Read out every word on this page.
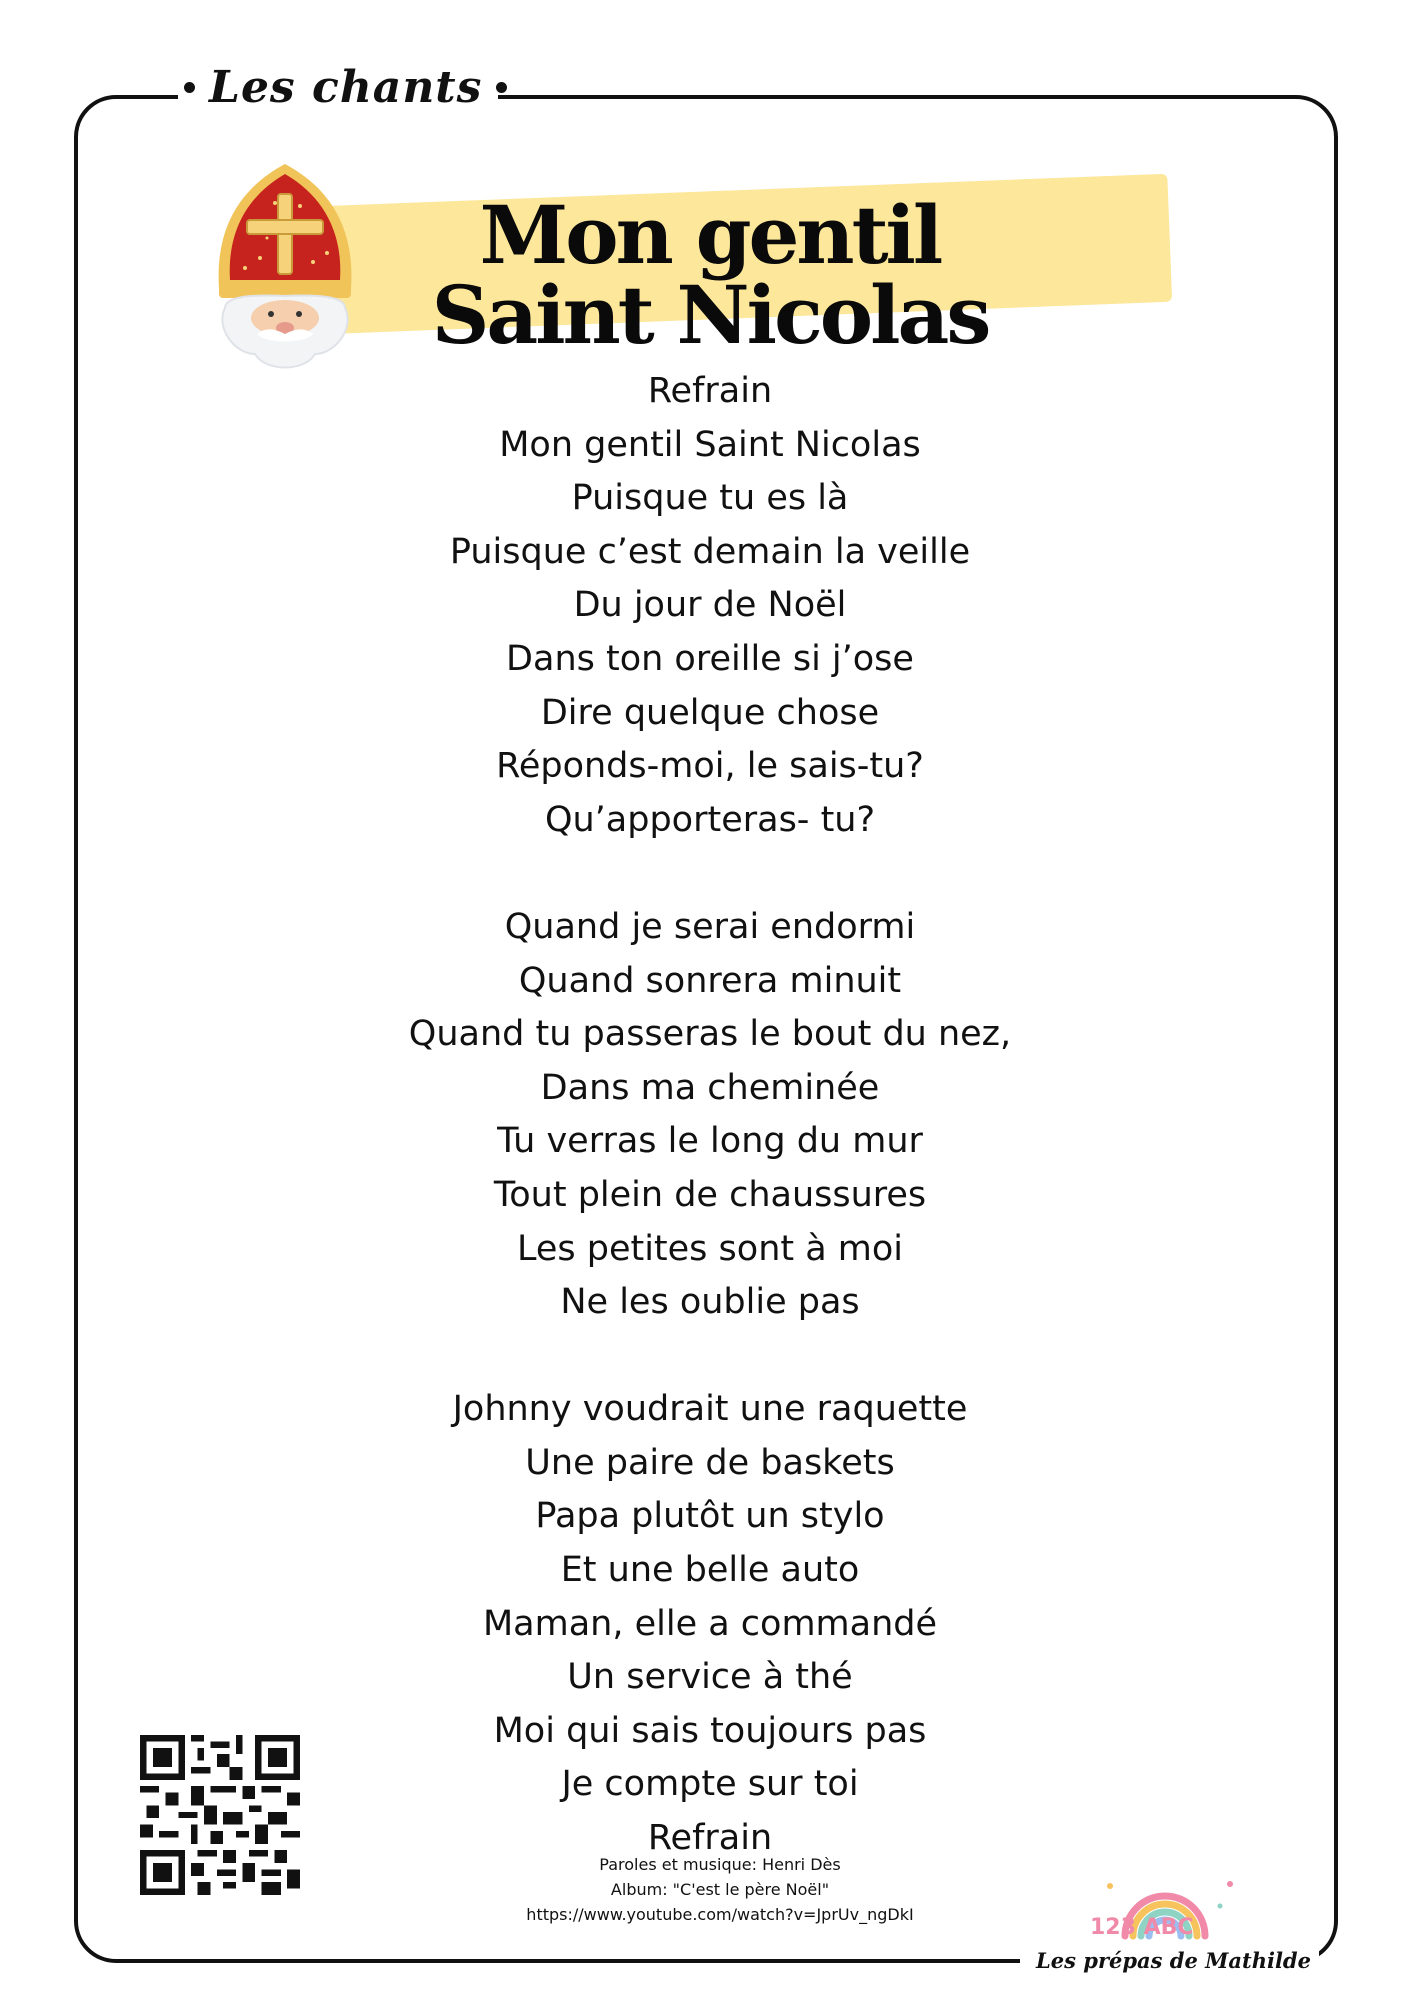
Les chants
Mon gentil
Saint Nicolas
Refrain
Mon gentil Saint Nicolas
Puisque tu es là
Puisque c’est demain la veille
Du jour de Noël
Dans ton oreille si j’ose
Dire quelque chose
Réponds-moi, le sais-tu?
Qu’apporteras- tu?
Quand je serai endormi
Quand sonrera minuit
Quand tu passeras le bout du nez,
Dans ma cheminée
Tu verras le long du mur
Tout plein de chaussures
Les petites sont à moi
Ne les oublie pas
Johnny voudrait une raquette
Une paire de baskets
Papa plutôt un stylo
Et une belle auto
Maman, elle a commandé
Un service à thé
Moi qui sais toujours pas
Je compte sur toi
Refrain
Paroles et musique: Henri Dès
Album: "C'est le père Noël"
https://www.youtube.com/watch?v=JprUv_ngDkI
123 ABC
Les prépas de Mathilde
